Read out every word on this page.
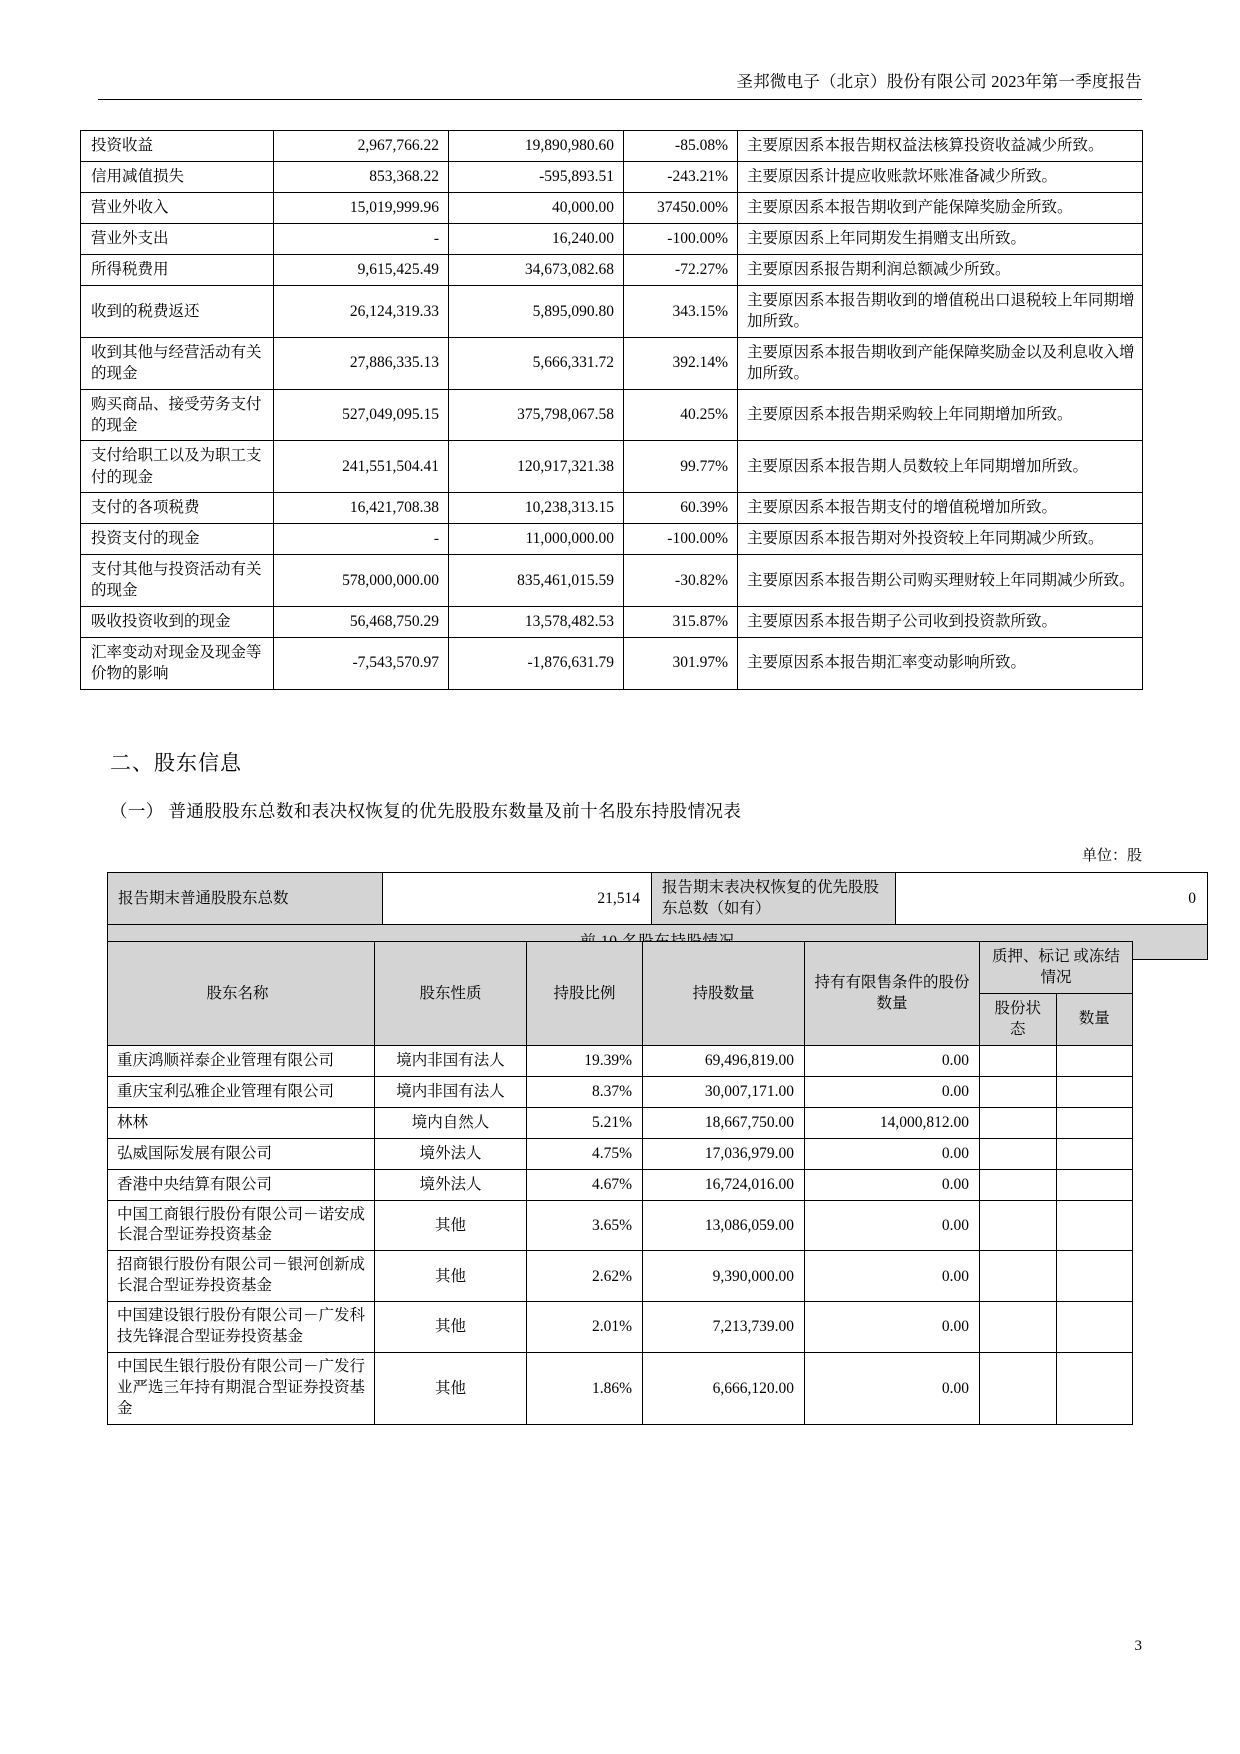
圣邦微电子（北京）股份有限公司 2023年第一季度报告
投资收益	2,967,766.22	19,890,980.60	-85.08%	主要原因系本报告期权益法核算投资收益减少所致。
信用减值损失	853,368.22	-595,893.51	-243.21%	主要原因系计提应收账款坏账准备减少所致。
营业外收入	15,019,999.96	40,000.00	37450.00%	主要原因系本报告期收到产能保障奖励金所致。
营业外支出	-	16,240.00	-100.00%	主要原因系上年同期发生捐赠支出所致。
所得税费用	9,615,425.49	34,673,082.68	-72.27%	主要原因系报告期利润总额减少所致。
收到的税费返还	26,124,319.33	5,895,090.80	343.15%	主要原因系本报告期收到的增值税出口退税较上年同期增加所致。
收到其他与经营活动有关的现金	27,886,335.13	5,666,331.72	392.14%	主要原因系本报告期收到产能保障奖励金以及利息收入增加所致。
购买商品、接受劳务支付的现金	527,049,095.15	375,798,067.58	40.25%	主要原因系本报告期采购较上年同期增加所致。
支付给职工以及为职工支付的现金	241,551,504.41	120,917,321.38	99.77%	主要原因系本报告期人员数较上年同期增加所致。
支付的各项税费	16,421,708.38	10,238,313.15	60.39%	主要原因系本报告期支付的增值税增加所致。
投资支付的现金	-	11,000,000.00	-100.00%	主要原因系本报告期对外投资较上年同期减少所致。
支付其他与投资活动有关的现金	578,000,000.00	835,461,015.59	-30.82%	主要原因系本报告期公司购买理财较上年同期减少所致。
吸收投资收到的现金	56,468,750.29	13,578,482.53	315.87%	主要原因系本报告期子公司收到投资款所致。
汇率变动对现金及现金等价物的影响	-7,543,570.97	-1,876,631.79	301.97%	主要原因系本报告期汇率变动影响所致。
二、股东信息
（一） 普通股股东总数和表决权恢复的优先股股东数量及前十名股东持股情况表
单位：股
报告期末普通股股东总数	21,514	报告期末表决权恢复的优先股股东总数（如有）	0

股东名称	股东性质	持股比例	持股数量	持有有限售条件的股份数量	质押、标记 或冻结情况	
					股份状态	数量
重庆鸿顺祥泰企业管理有限公司	境内非国有法人	19.39%	69,496,819.00	0.00		
重庆宝利弘雅企业管理有限公司	境内非国有法人	8.37%	30,007,171.00	0.00		
林林	境内自然人	5.21%	18,667,750.00	14,000,812.00		
弘威国际发展有限公司	境外法人	4.75%	17,036,979.00	0.00		
香港中央结算有限公司	境外法人	4.67%	16,724,016.00	0.00		
中国工商银行股份有限公司－诺安成长混合型证券投资基金	其他	3.65%	13,086,059.00	0.00		
招商银行股份有限公司－银河创新成长混合型证券投资基金	其他	2.62%	9,390,000.00	0.00		
中国建设银行股份有限公司－广发科技先锋混合型证券投资基金	其他	2.01%	7,213,739.00	0.00		
中国民生银行股份有限公司－广发行业严选三年持有期混合型证券投资基金	其他	1.86%	6,666,120.00	0.00		
3
